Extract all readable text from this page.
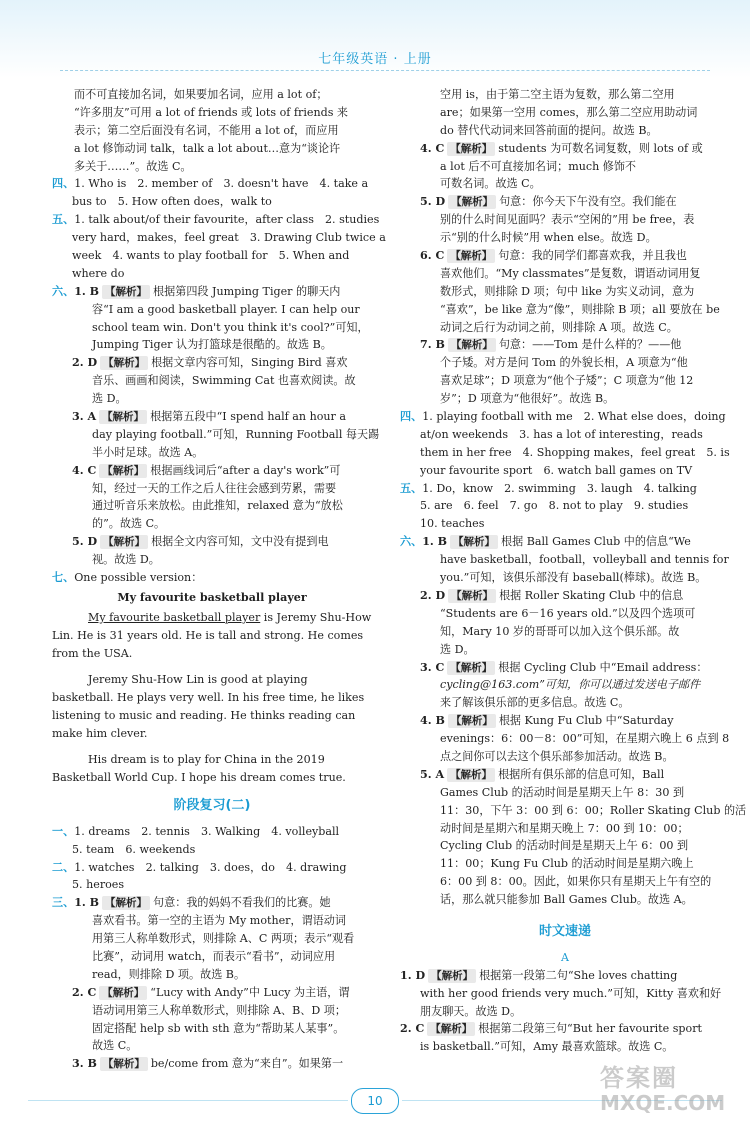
七年级英语 · 上册
而不可直接加名词，如果要加名词，应用 a lot of；
“许多朋友”可用 a lot of friends 或 lots of friends 来
表示；第二空后面没有名词，不能用 a lot of，而应用
a lot 修饰动词 talk，talk a lot about…意为“谈论许
多关于……”。故选 C。
四、1. Who is　2. member of　3. doesn't have　4. take a
bus to　5. How often does，walk to
五、1. talk about/of their favourite，after class　2. studies
very hard，makes，feel great　3. Drawing Club twice a
week　4. wants to play football for　5. When and
where do
六、1. B 【解析】 根据第四段 Jumping Tiger 的聊天内
容“I am a good basketball player. I can help our
school team win. Don't you think it's cool?”可知，
Jumping Tiger 认为打篮球是很酷的。故选 B。
2. D 【解析】 根据文章内容可知，Singing Bird 喜欢
音乐、画画和阅读，Swimming Cat 也喜欢阅读。故
选 D。
3. A 【解析】 根据第五段中“I spend half an hour a
day playing football.”可知，Running Football 每天踢
半小时足球。故选 A。
4. C 【解析】 根据画线词后“after a day's work”可
知，经过一天的工作之后人往往会感到劳累，需要
通过听音乐来放松。由此推知，relaxed 意为“放松
的”。故选 C。
5. D 【解析】 根据全文内容可知，文中没有提到电
视。故选 D。
七、One possible version：
My favourite basketball player

My favourite basketball player is Jeremy Shu-How Lin. He is 31 years old. He is tall and strong. He comes from the USA.

Jeremy Shu-How Lin is good at playing basketball. He plays very well. In his free time, he likes listening to music and reading. He thinks reading can make him clever.

His dream is to play for China in the 2019 Basketball World Cup. I hope his dream comes true.

阶段复习(二)
一、1. dreams　2. tennis　3. Walking　4. volleyball
5. team　6. weekends
二、1. watches　2. talking　3. does，do　4. drawing
5. heroes
三、1. B 【解析】 句意：我的妈妈不看我们的比赛。她
喜欢看书。第一空的主语为 My mother，谓语动词
用第三人称单数形式，则排除 A、C 两项；表示“观看
比赛”，动词用 watch，而表示“看书”，动词应用
read，则排除 D 项。故选 B。
2. C 【解析】 “Lucy with Andy”中 Lucy 为主语，谓
语动词用第三人称单数形式，则排除 A、B、D 项；
固定搭配 help sb with sth 意为“帮助某人某事”。
故选 C。
3. B 【解析】 be/come from 意为“来自”。如果第一
空用 is，由于第二空主语为复数，那么第二空用
are；如果第一空用 comes，那么第二空应用助动词
do 替代代动词来回答前面的提问。故选 B。
4. C 【解析】 students 为可数名词复数，则 lots of 或
a lot 后不可直接加名词；much 修饰不
可数名词。故选 C。
5. D 【解析】 句意：你今天下午没有空。我们能在
别的什么时间见面吗？表示“空闲的”用 be free，表
示“别的什么时候”用 when else。故选 D。
6. C 【解析】 句意：我的同学们都喜欢我，并且我也
喜欢他们。“My classmates”是复数，谓语动词用复
数形式，则排除 D 项；句中 like 为实义动词，意为
“喜欢”，be like 意为“像”，则排除 B 项；all 要放在 be
动词之后行为动词之前，则排除 A 项。故选 C。
7. B 【解析】 句意：——Tom 是什么样的？——他
个子矮。对方是问 Tom 的外貌长相，A 项意为“他
喜欢足球”；D 项意为“他个子矮”；C 项意为“他 12
岁”；D 项意为“他很好”。故选 B。
四、1. playing football with me　2. What else does，doing
at/on weekends　3. has a lot of interesting，reads
them in her free　4. Shopping makes，feel great　5. is
your favourite sport　6. watch ball games on TV
五、1. Do，know　2. swimming　3. laugh　4. talking
5. are　6. feel　7. go　8. not to play　9. studies
10. teaches
六、1. B 【解析】 根据 Ball Games Club 中的信息“We
have basketball，football，volleyball and tennis for
you.”可知，该俱乐部没有 baseball(棒球)。故选 B。
2. D 【解析】 根据 Roller Skating Club 中的信息
“Students are 6－16 years old.”以及四个选项可
知，Mary 10 岁的哥哥可以加入这个俱乐部。故
选 D。
3. C 【解析】 根据 Cycling Club 中“Email address：
cycling@163.com”可知，你可以通过发送电子邮件
来了解该俱乐部的更多信息。故选 C。
4. B 【解析】 根据 Kung Fu Club 中“Saturday
evenings：6：00－8：00”可知，在星期六晚上 6 点到 8
点之间你可以去这个俱乐部参加活动。故选 B。
5. A 【解析】 根据所有俱乐部的信息可知，Ball
Games Club 的活动时间是星期天上午 8：30 到
11：30，下午 3：00 到 6：00；Roller Skating Club 的活
动时间是星期六和星期天晚上 7：00 到 10：00；
Cycling Club 的活动时间是星期天上午 6：00 到
11：00；Kung Fu Club 的活动时间是星期六晚上
6：00 到 8：00。因此，如果你只有星期天上午有空的
话，那么就只能参加 Ball Games Club。故选 A。
时文速递
A
1. D 【解析】 根据第一段第二句“She loves chatting
with her good friends very much.”可知，Kitty 喜欢和好
朋友聊天。故选 D。
2. C 【解析】 根据第二段第三句“But her favourite sport
is basketball.”可知，Amy 最喜欢篮球。故选 C。
10
答案圈
MXQE.COM
